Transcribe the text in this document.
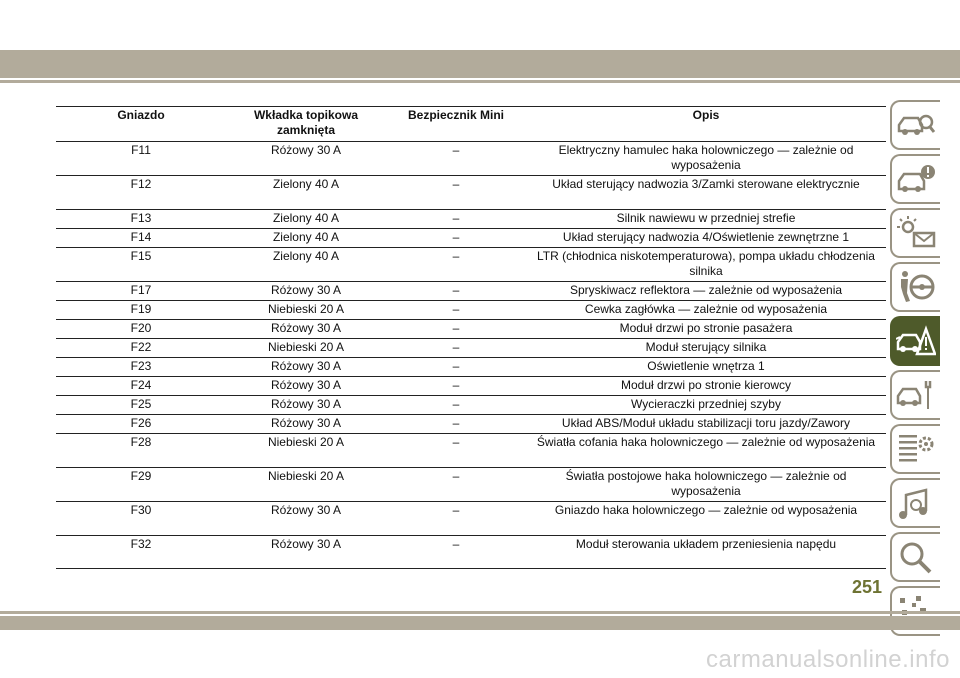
Gniazdo	Wkładka topikowa zamknięta	Bezpiecznik Mini	Opis
F11	Różowy 30 A	–	Elektryczny hamulec haka holowniczego — zależnie od wyposażenia
F12	Zielony 40 A	–	Układ sterujący nadwozia 3/Zamki sterowane elektrycznie
F13	Zielony 40 A	–	Silnik nawiewu w przedniej strefie
F14	Zielony 40 A	–	Układ sterujący nadwozia 4/Oświetlenie zewnętrzne 1
F15	Zielony 40 A	–	LTR (chłodnica niskotemperaturowa), pompa układu chłodzenia silnika
F17	Różowy 30 A	–	Spryskiwacz reflektora — zależnie od wyposażenia
F19	Niebieski 20 A	–	Cewka zagłówka — zależnie od wyposażenia
F20	Różowy 30 A	–	Moduł drzwi po stronie pasażera
F22	Niebieski 20 A	–	Moduł sterujący silnika
F23	Różowy 30 A	–	Oświetlenie wnętrza 1
F24	Różowy 30 A	–	Moduł drzwi po stronie kierowcy
F25	Różowy 30 A	–	Wycieraczki przedniej szyby
F26	Różowy 30 A	–	Układ ABS/Moduł układu stabilizacji toru jazdy/Zawory
F28	Niebieski 20 A	–	Światła cofania haka holowniczego — zależnie od wyposażenia
F29	Niebieski 20 A	–	Światła postojowe haka holowniczego — zależnie od wyposażenia
F30	Różowy 30 A	–	Gniazdo haka holowniczego — zależnie od wyposażenia
F32	Różowy 30 A	–	Moduł sterowania układem przeniesienia napędu
251
carmanualsonline.info
